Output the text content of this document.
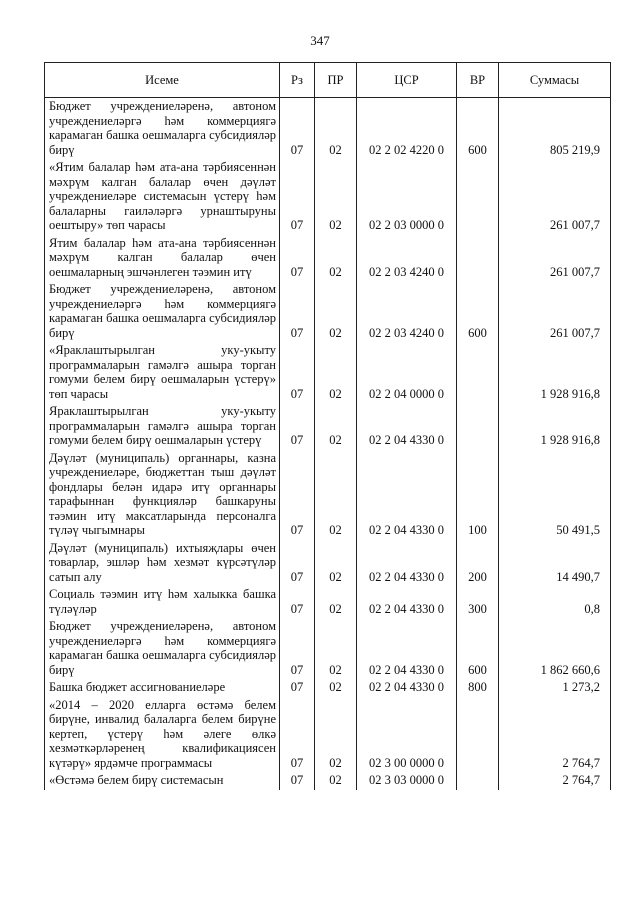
347
Исеме	Рз	ПР	ЦСР	ВР	Суммасы
Бюджет учреждениеләренә, автоном учреждениеләргә һәм коммерциягә карамаган башка оешмаларга субсидияләр бирү	07	02	02 2 02 4220 0	600	805 219,9
«Ятим балалар һәм ата-ана тәрбиясеннән мәхрүм калган балалар өчен дәүләт учреждениеләре системасын үстерү һәм балаларны гаиләләргә урнаштыруны оештыру» төп чарасы	07	02	02 2 03 0000 0		261 007,7
Ятим балалар һәм ата-ана тәрбиясеннән мәхрүм калган балалар өчен оешмаларның эшчәнлеген тәэмин итү	07	02	02 2 03 4240 0		261 007,7
Бюджет учреждениеләренә, автоном учреждениеләргә һәм коммерциягә карамаган башка оешмаларга субсидияләр бирү	07	02	02 2 03 4240 0	600	261 007,7
«Яраклаштырылган уку-укыту программаларын гамәлгә ашыра торган гомуми белем бирү оешмаларын үстерү» төп чарасы	07	02	02 2 04 0000 0		1 928 916,8
Яраклаштырылган уку-укыту программаларын гамәлгә ашыра торган гомуми белем бирү оешмаларын үстерү	07	02	02 2 04 4330 0		1 928 916,8
Дәүләт (муниципаль) органнары, казна учреждениеләре, бюджеттан тыш дәүләт фондлары белән идарә итү органнары тарафыннан функцияләр башкаруны тәэмин итү максатларында персоналга түләү чыгымнары	07	02	02 2 04 4330 0	100	50 491,5
Дәүләт (муниципаль) ихтыяҗлары өчен товарлар, эшләр һәм хезмәт күрсәтүләр сатып алу	07	02	02 2 04 4330 0	200	14 490,7
Социаль тәэмин итү һәм халыкка башка түләүләр	07	02	02 2 04 4330 0	300	0,8
Бюджет учреждениеләренә, автоном учреждениеләргә һәм коммерциягә карамаган башка оешмаларга субсидияләр бирү	07	02	02 2 04 4330 0	600	1 862 660,6
Башка бюджет ассигнованиеләре	07	02	02 2 04 4330 0	800	1 273,2
«2014 – 2020 елларга өстәмә белем бирүне, инвалид балаларга белем бирүне кертеп, үстерү һәм әлеге өлкә хезмәткәрләренең квалификациясен күтәрү» ярдәмче программасы	07	02	02 3 00 0000 0		2 764,7
«Өстәмә белем бирү системасын	07	02	02 3 03 0000 0		2 764,7
